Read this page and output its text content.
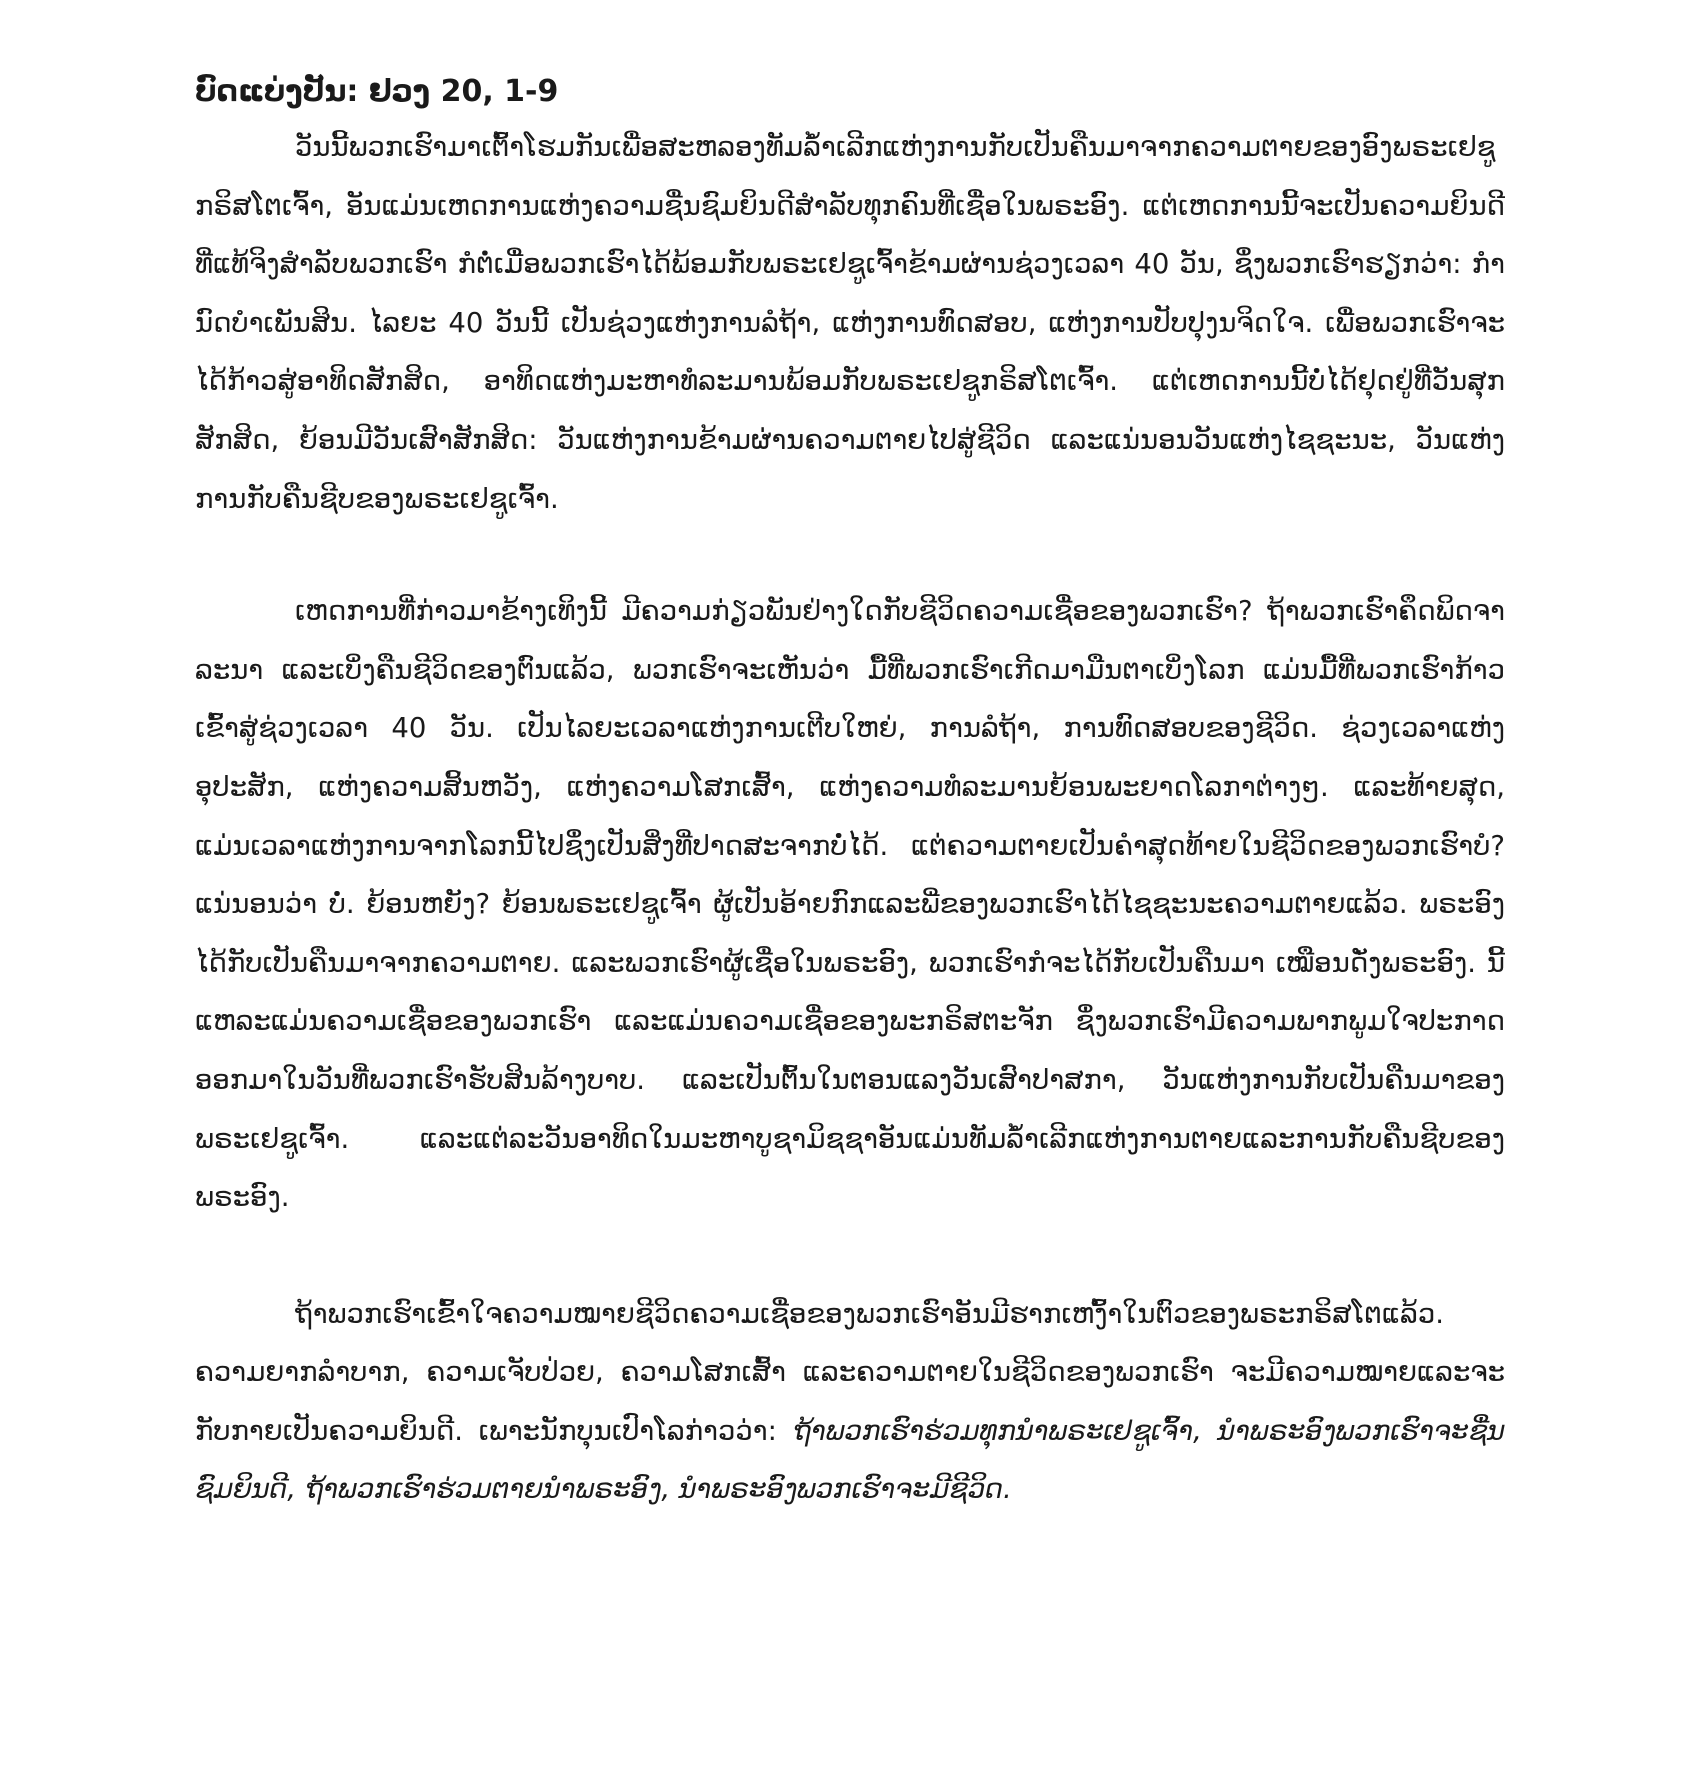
ບົດແບ່ງປັນ: ຢວງ 20, 1-9

ວັນນີ້ພວກເຮົາມາເຕົ້າໂຮມກັນເພື່ອສະຫລອງທັມລໍ້າເລີກແຫ່ງການກັບເປັນຄືນມາຈາກຄວາມຕາຍຂອງອົງພຣະເຢຊູກຣິສໂຕເຈົ້າ, ອັນແມ່ນເຫດການແຫ່ງຄວາມຊື່ນຊົມຍິນດີສໍາລັບທຸກຄົນທີ່ເຊື່ອໃນພຣະອົງ. ແຕ່ເຫດການນີ້ຈະເປັນຄວາມຍິນດີທີ່ແທ້ຈິງສໍາລັບພວກເຮົາ ກໍຕໍ່ເມື່ອພວກເຮົາໄດ້ພ້ອມກັບພຣະເຢຊູເຈົ້າຂ້າມຜ່ານຊ່ວງເວລາ 40 ວັນ, ຊຶ່ງພວກເຮົາຮຽກວ່າ: ກໍານົດບໍາເພັນສິນ. ໄລຍະ 40 ວັນນີ້ ເປັນຊ່ວງແຫ່ງການລໍຖ້າ, ແຫ່ງການທົດສອບ, ແຫ່ງການປັບປຸງນຈິດໃຈ. ເພື່ອພວກເຮົາຈະໄດ້ກ້າວສູ່ອາທິດສັກສິດ, ອາທິດແຫ່ງມະຫາທໍລະມານພ້ອມກັບພຣະເຢຊູກຣິສໂຕເຈົ້າ. ແຕ່ເຫດການນີ້ບໍ່ໄດ້ຢຸດຢູ່ທີ່ວັນສຸກສັກສິດ, ຍ້ອນມີວັນເສົາສັກສິດ: ວັນແຫ່ງການຂ້າມຜ່ານຄວາມຕາຍໄປສູ່ຊີວິດ ແລະແນ່ນອນວັນແຫ່ງໄຊຊະນະ, ວັນແຫ່ງການກັບຄືນຊີບຂອງພຣະເຢຊູເຈົ້າ.

ເຫດການທີ່ກ່າວມາຂ້າງເທິງນີ້ ມີຄວາມກ່ຽວພັນຢ່າງໃດກັບຊີວິດຄວາມເຊື່ອຂອງພວກເຮົາ? ຖ້າພວກເຮົາຄຶດພິດຈາລະນາ ແລະເບິ່ງຄືນຊີວິດຂອງຕົນແລ້ວ, ພວກເຮົາຈະເຫັນວ່າ ມື້ທີ່ພວກເຮົາເກີດມາມືນຕາເບິ່ງໂລກ ແມ່ນມື້ທີ່ພວກເຮົາກ້າວເຂົ້າສູ່ຊ່ວງເວລາ 40 ວັນ. ເປັນໄລຍະເວລາແຫ່ງການເຕີບໃຫຍ່, ການລໍຖ້າ, ການທົດສອບຂອງຊີວິດ. ຊ່ວງເວລາແຫ່ງອຸປະສັກ, ແຫ່ງຄວາມສິ້ນຫວັງ, ແຫ່ງຄວາມໂສກເສົ້າ, ແຫ່ງຄວາມທໍລະມານຍ້ອນພະຍາດໂລກາຕ່າງໆ. ແລະທ້າຍສຸດ, ແມ່ນເວລາແຫ່ງການຈາກໂລກນີ້ໄປຊຶ່ງເປັນສິ່ງທີ່ປາດສະຈາກບໍ່ໄດ້. ແຕ່ຄວາມຕາຍເປັນຄໍາສຸດທ້າຍໃນຊີວິດຂອງພວກເຮົາບໍ? ແນ່ນອນວ່າ ບໍ່. ຍ້ອນຫຍັງ? ຍ້ອນພຣະເຢຊູເຈົ້າ ຜູ້ເປັນອ້າຍກົກແລະພີ່ຂອງພວກເຮົາໄດ້ໄຊຊະນະຄວາມຕາຍແລ້ວ. ພຣະອົງໄດ້ກັບເປັນຄືນມາຈາກຄວາມຕາຍ. ແລະພວກເຮົາຜູ້ເຊື່ອໃນພຣະອົງ, ພວກເຮົາກໍຈະໄດ້ກັບເປັນຄືນມາ ເໝືອນດັ່ງພຣະອົງ. ນີ້ແຫລະແມ່ນຄວາມເຊື່ອຂອງພວກເຮົາ ແລະແມ່ນຄວາມເຊື່ອຂອງພະກຣິສຕະຈັກ ຊຶ່ງພວກເຮົາມີຄວາມພາກພູມໃຈປະກາດອອກມາໃນວັນທີ່ພວກເຮົາຮັບສິນລ້າງບາບ. ແລະເປັນຕົ້ນໃນຕອນແລງວັນເສົາປາສກາ, ວັນແຫ່ງການກັບເປັນຄືນມາຂອງພຣະເຢຊູເຈົ້າ. ແລະແຕ່ລະວັນອາທິດໃນມະຫາບູຊາມິຊຊາອັນແມ່ນທັມລໍ້າເລີກແຫ່ງການຕາຍແລະການກັບຄືນຊີບຂອງພຣະອົງ.

ຖ້າພວກເຮົາເຂົ້າໃຈຄວາມໝາຍຊີວິດຄວາມເຊື່ອຂອງພວກເຮົາອັນມີຮາກເຫງົ້າໃນຕົວຂອງພຣະກຣິສໂຕແລ້ວ. ຄວາມຍາກລໍາບາກ, ຄວາມເຈັບປ່ວຍ, ຄວາມໂສກເສົ້າ ແລະຄວາມຕາຍໃນຊີວິດຂອງພວກເຮົາ ຈະມີຄວາມໝາຍແລະຈະກັບກາຍເປັນຄວາມຍິນດີ. ເພາະນັກບຸນເປົາໂລກ່າວວ່າ: ຖ້າພວກເຮົາຮ່ວມທຸກນໍາພຣະເຢຊູເຈົ້າ, ນໍາພຣະອົງພວກເຮົາຈະຊື່ນຊົມຍິນດີ, ຖ້າພວກເຮົາຮ່ວມຕາຍນໍາພຣະອົງ, ນໍາພຣະອົງພວກເຮົາຈະມີຊີວິດ.
